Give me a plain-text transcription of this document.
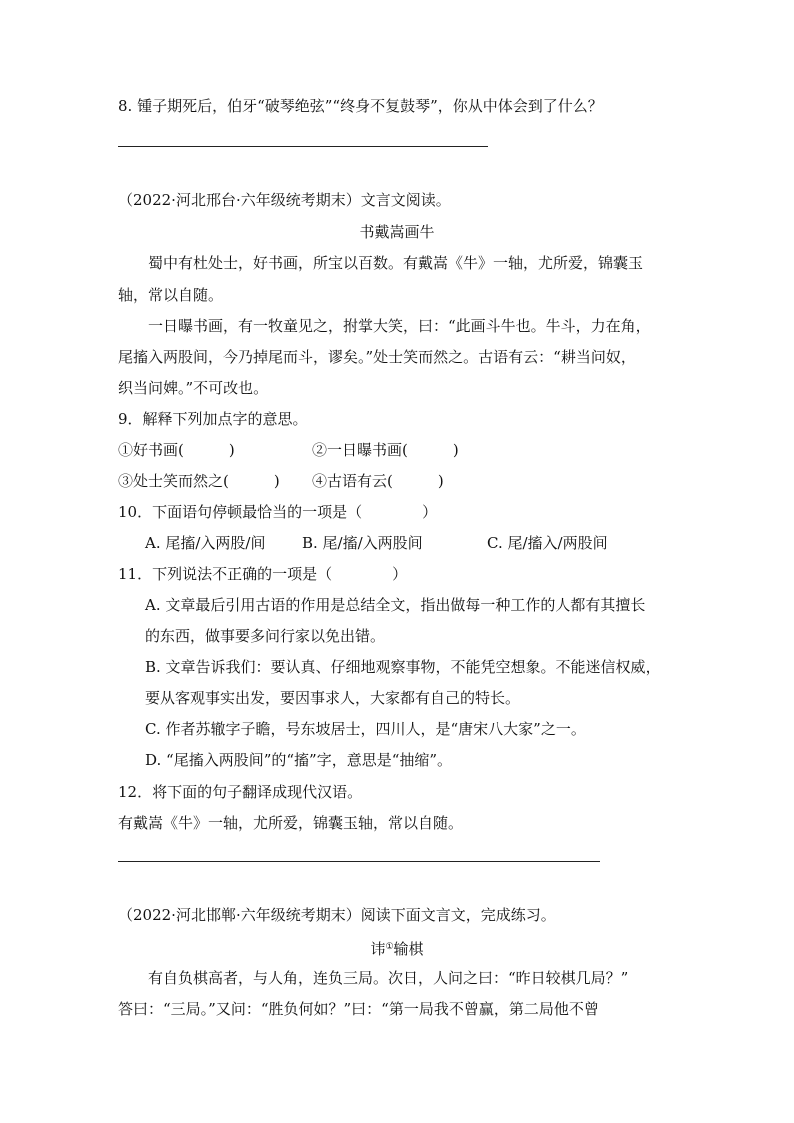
8. 锺子期死后，伯牙“破琴绝弦”“终身不复鼓琴”，你从中体会到了什么？
（2022·河北邢台·六年级统考期末）文言文阅读。
书戴嵩画牛
蜀中有杜处士，好书画，所宝以百数。有戴嵩《牛》一轴，尤所爱，锦囊玉
轴，常以自随。
一日曝书画，有一牧童见之，拊掌大笑，曰：“此画斗牛也。牛斗，力在角，
尾搐入两股间，今乃掉尾而斗，谬矣。”处士笑而然之。古语有云：“耕当问奴，
织当问婢。”不可改也。
9．解释下列加点字的意思。
①好书画(　　　)	②一日曝书画(　　　)
③处士笑而然之(　　　) ④古语有云(　　　)
10．下面语句停顿最恰当的一项是（　　　　）
A. 尾搐/入两股/间 B. 尾/搐/入两股间	C. 尾/搐入/两股间
11．下列说法不正确的一项是（　　　　）
A. 文章最后引用古语的作用是总结全文，指出做每一种工作的人都有其擅长
的东西，做事要多问行家以免出错。
B. 文章告诉我们：要认真、仔细地观察事物，不能凭空想象。不能迷信权威，
要从客观事实出发，要因事求人，大家都有自己的特长。
C. 作者苏辙字子瞻，号东坡居士，四川人，是“唐宋八大家”之一。
D. “尾搐入两股间”的“搐”字，意思是“抽缩”。
12．将下面的句子翻译成现代汉语。
有戴嵩《牛》一轴，尤所爱，锦囊玉轴，常以自随。
（2022·河北邯郸·六年级统考期末）阅读下面文言文，完成练习。
讳①输棋
有自负棋高者，与人角，连负三局。次日，人问之曰：“昨日较棋几局？”
答曰：“三局。”又问：“胜负何如？”曰：“第一局我不曾赢，第二局他不曾
